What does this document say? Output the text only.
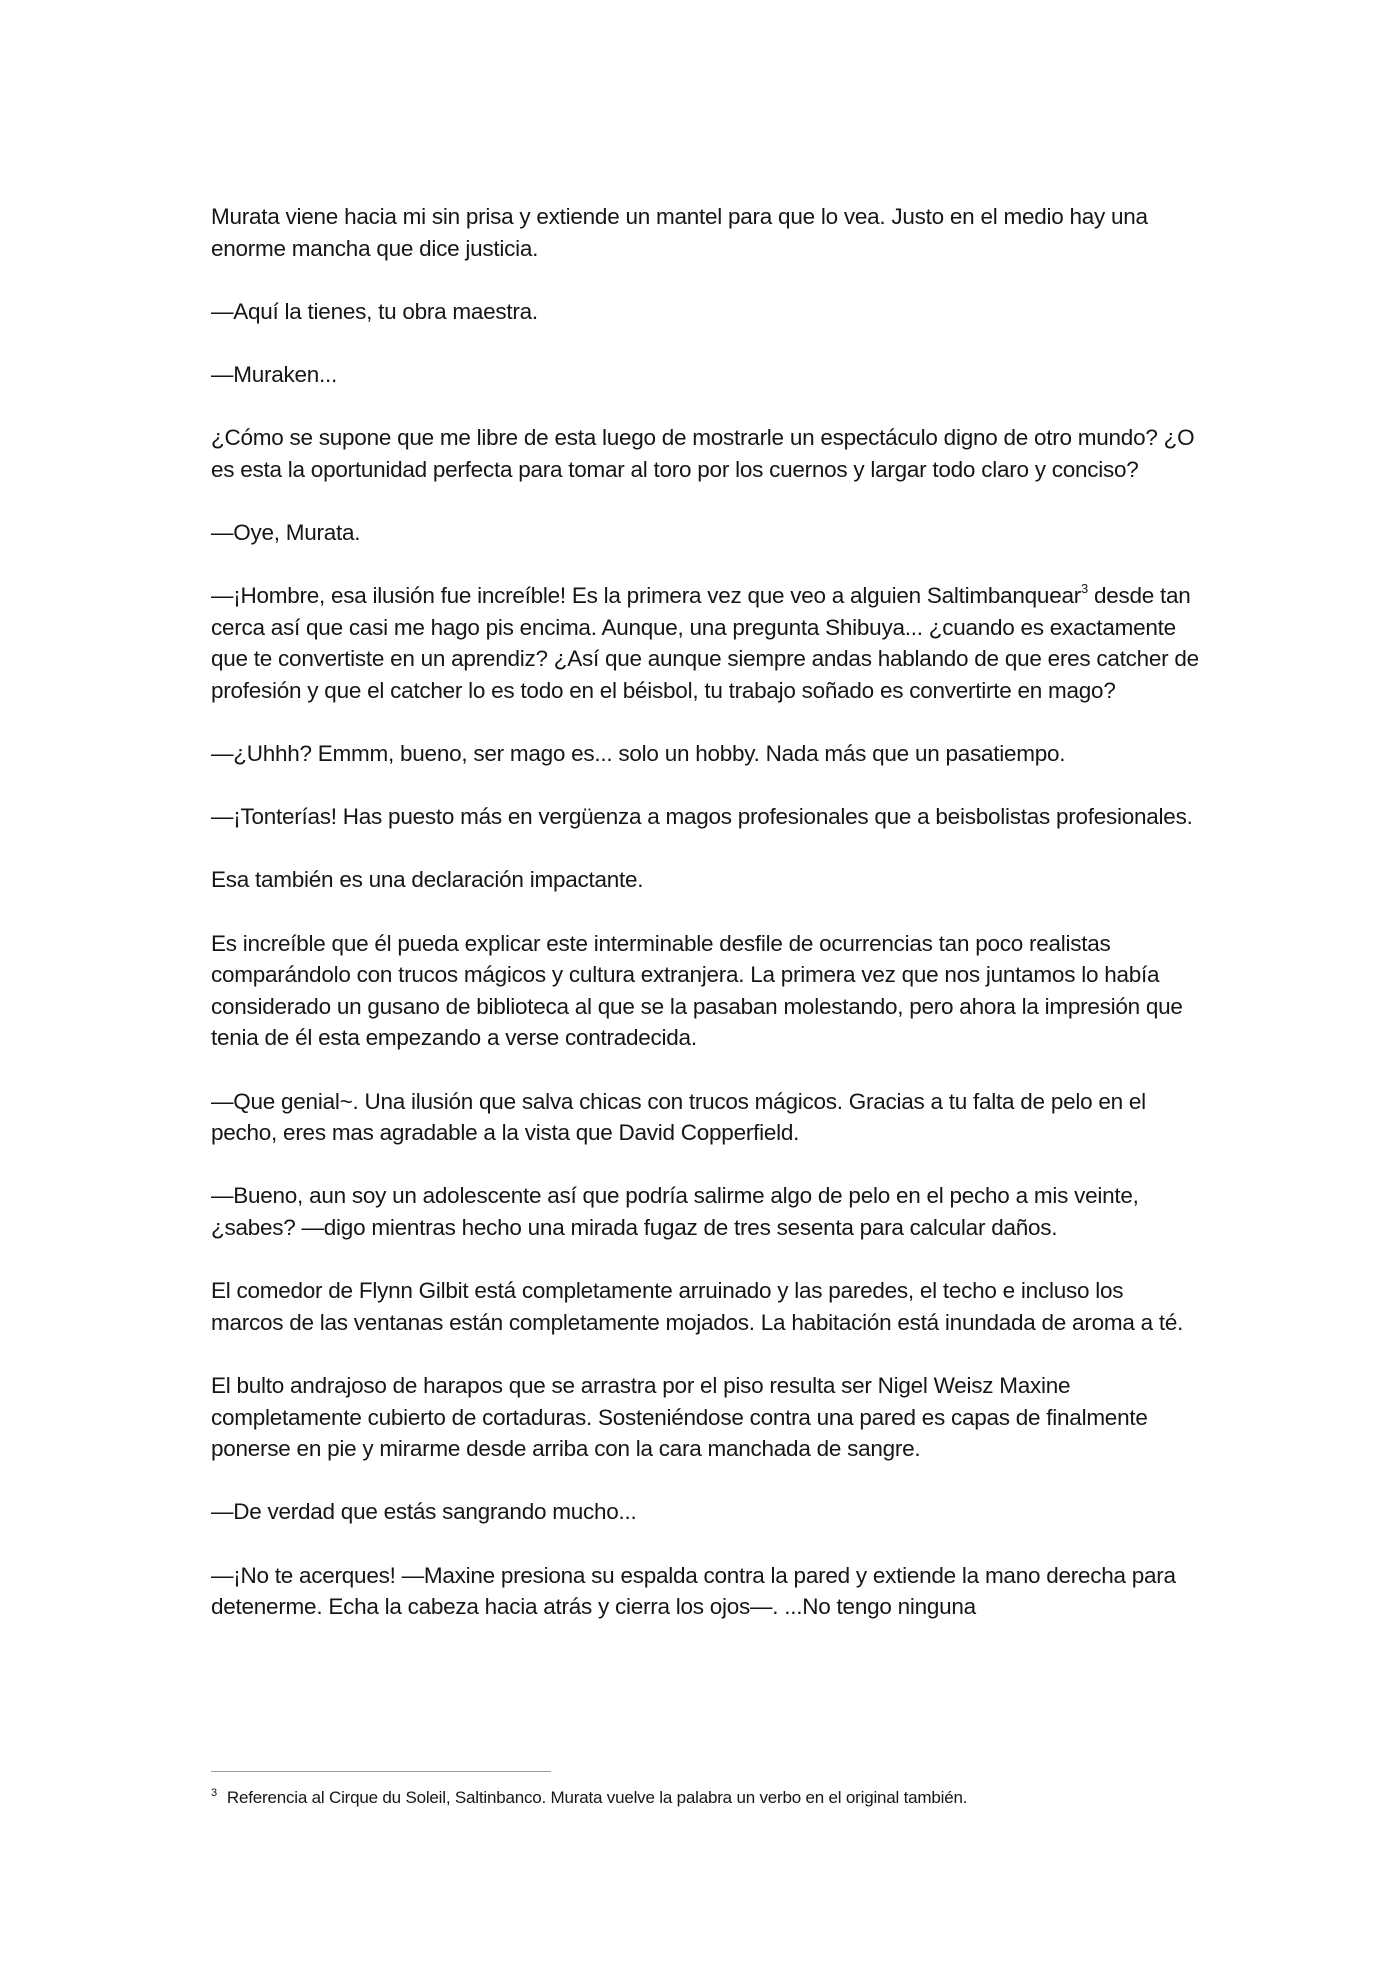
Murata viene hacia mi sin prisa y extiende un mantel para que lo vea. Justo en el medio hay una enorme mancha que dice justicia.

—Aquí la tienes, tu obra maestra.

—Muraken...

¿Cómo se supone que me libre de esta luego de mostrarle un espectáculo digno de otro mundo? ¿O es esta la oportunidad perfecta para tomar al toro por los cuernos y largar todo claro y conciso?

—Oye, Murata.

—¡Hombre, esa ilusión fue increíble! Es la primera vez que veo a alguien Saltimbanquear$^3$ desde tan cerca así que casi me hago pis encima. Aunque, una pregunta Shibuya... ¿cuando es exactamente que te convertiste en un aprendiz? ¿Así que aunque siempre andas hablando de que eres catcher de profesión y que el catcher lo es todo en el béisbol, tu trabajo soñado es convertirte en mago?

—¿Uhhh? Emmm, bueno, ser mago es... solo un hobby. Nada más que un pasatiempo.

—¡Tonterías! Has puesto más en vergüenza a magos profesionales que a beisbolistas profesionales.

Esa también es una declaración impactante.

Es increíble que él pueda explicar este interminable desfile de ocurrencias tan poco realistas comparándolo con trucos mágicos y cultura extranjera. La primera vez que nos juntamos lo había considerado un gusano de biblioteca al que se la pasaban molestando, pero ahora la impresión que tenia de él esta empezando a verse contradecida.

—Que genial~. Una ilusión que salva chicas con trucos mágicos. Gracias a tu falta de pelo en el pecho, eres mas agradable a la vista que David Copperfield.

—Bueno, aun soy un adolescente así que podría salirme algo de pelo en el pecho a mis veinte, ¿sabes? —digo mientras hecho una mirada fugaz de tres sesenta para calcular daños.

El comedor de Flynn Gilbit está completamente arruinado y las paredes, el techo e incluso los marcos de las ventanas están completamente mojados. La habitación está inundada de aroma a té.

El bulto andrajoso de harapos que se arrastra por el piso resulta ser Nigel Weisz Maxine completamente cubierto de cortaduras. Sosteniéndose contra una pared es capas de finalmente ponerse en pie y mirarme desde arriba con la cara manchada de sangre.

—De verdad que estás sangrando mucho...

—¡No te acerques! —Maxine presiona su espalda contra la pared y extiende la mano derecha para detenerme. Echa la cabeza hacia atrás y cierra los ojos—. ...No tengo ninguna

$^3$ Referencia al Cirque du Soleil, Saltinbanco. Murata vuelve la palabra un verbo en el original también.
